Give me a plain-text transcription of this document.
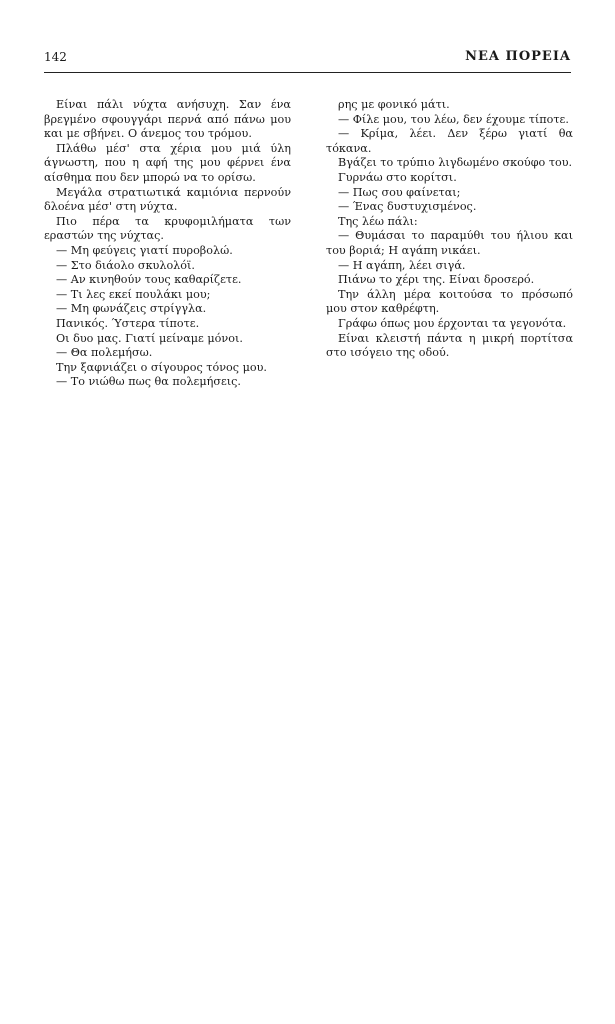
142	ΝΕΑ ΠΟΡΕΙΑ

Είναι πάλι νύχτα ανήσυχη. Σαν ένα βρεγμένο σφουγγάρι περνά από πάνω μου και με σβήνει. Ο άνεμος του τρόμου.

Πλάθω μέσ' στα χέρια μου μιά ύλη άγνωστη, που η αφή της μου φέρνει ένα αίσθημα που δεν μπορώ να το ορίσω.

Μεγάλα στρατιωτικά καμιόνια περνούν δλοένα μέσ' στη νύχτα.

Πιο πέρα τα κρυφομιλήματα των εραστών της νύχτας.

— Μη φεύγεις γιατί πυροβολώ.

— Στο διάολο σκυλολόϊ.

— Αν κινηθούν τους καθαρίζετε.

— Τι λες εκεί πουλάκι μου;

— Μη φωνάζεις στρίγγλα.

Πανικός. Ύστερα τίποτε.

Οι δυο μας. Γιατί μείναμε μόνοι.

— Θα πολεμήσω.

Την ξαφνιάζει ο σίγουρος τόνος μου.

— Το νιώθω πως θα πολεμήσεις.

ρης με φονικό μάτι.

— Φίλε μου, του λέω, δεν έχουμε τίποτε.

— Κρίμα, λέει. Δεν ξέρω γιατί θα τόκανα.

Βγάζει το τρύπιο λιγδωμένο σκούφο του.

Γυρνάω στο κορίτσι.

— Πως σου φαίνεται;

— Ένας δυστυχισμένος.

Της λέω πάλι:

— Θυμάσαι το παραμύθι του ήλιου και του βοριά; Η αγάπη νικάει.

— Η αγάπη, λέει σιγά.

Πιάνω το χέρι της. Είναι δροσερό.

Την άλλη μέρα κοιτούσα το πρόσωπό μου στον καθρέφτη.

Γράφω όπως μου έρχονται τα γεγονότα.

Είναι κλειστή πάντα η μικρή πορτίτσα στο ισόγειο της οδού.
